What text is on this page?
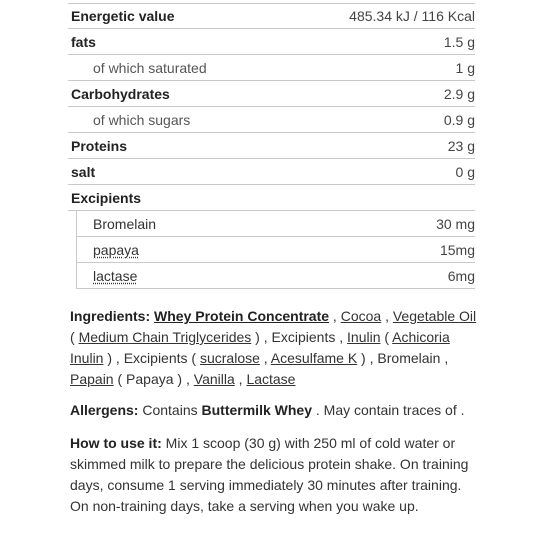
Energetic value	485.34 kJ / 116 Kcal
fats	1.5 g
of which saturated	1 g
Carbohydrates	2.9 g
of which sugars	0.9 g
Proteins	23 g
salt	0 g
Excipients
Bromelain	30 mg
papaya	15mg
lactase	6mg
Ingredients: Whey Protein Concentrate , Cocoa , Vegetable Oil ( Medium Chain Triglycerides ) , Excipients , Inulin ( Achicoria Inulin ) , Excipients ( sucralose , Acesulfame K ) , Bromelain , Papain ( Papaya ) , Vanilla , Lactase
Allergens: Contains Buttermilk Whey . May contain traces of .
How to use it: Mix 1 scoop (30 g) with 250 ml of cold water or skimmed milk to prepare the delicious protein shake. On training days, consume 1 serving immediately 30 minutes after training. On non-training days, take a serving when you wake up.
